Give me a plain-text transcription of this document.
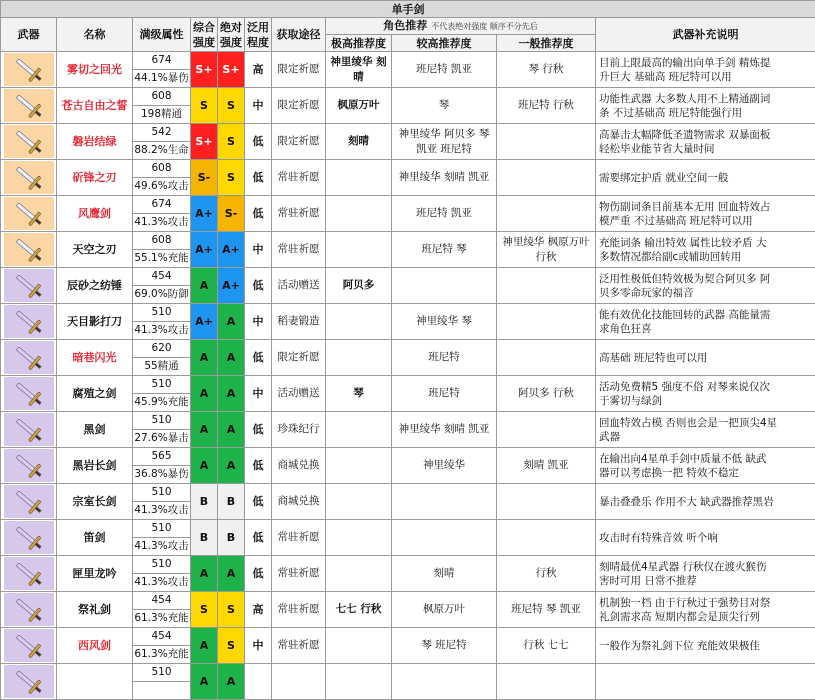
单手剑										
武器	名称	满级属性	综合强度	绝对强度	泛用程度	获取途径	角色推荐 不代表绝对强度 顺序不分先后			武器补充说明
							极高推荐度	较高推荐度	一般推荐度	

	雾切之回光	674	S+	S+	高	限定祈愿	神里绫华 刻晴	班尼特 凯亚	琴 行秋	目前上限最高的输出向单手剑 精炼提
升巨大 基础高 班尼特可以用
		44.1%暴伤								

	苍古自由之誓	608	S	S	中	限定祈愿	枫原万叶	琴	班尼特 行秋	功能性武器 大多数人用不上精通副词
条 不过基础高 班尼特能强行用
		198精通								

	磐岩结绿	542	S+	S	低	限定祈愿	刻晴	神里绫华 阿贝多 琴
凯亚 班尼特		高暴击太幅降低圣遗物需求 双暴面板
轻松毕业能节省大量时间
		88.2%生命								

	斫锋之刃	608	S-	S	低	常驻祈愿		神里绫华 刻晴 凯亚		需要绑定护盾 就业空间一般
		49.6%攻击								

	风鹰剑	674	A+	S-	低	常驻祈愿		班尼特 凯亚		物伤副词条目前基本无用 回血特效占
模严重 不过基础高 班尼特可以用
		41.3%攻击								

	天空之刃	608	A+	A+	中	常驻祈愿		班尼特 琴	神里绫华 枫原万叶
行秋	充能词条 输出特效 属性比较矛盾 大
多数情况都给副c或辅助回转用
		55.1%充能								

	辰砂之纺锤	454	A	A+	低	活动赠送	阿贝多			泛用性极低但特效极为契合阿贝多 阿
贝多零命玩家的福音
		69.0%防御								

	天目影打刀	510	A+	A	中	稻妻锻造		神里绫华 琴		能有效优化技能回转的武器 高能量需
求角色狂喜
		41.3%攻击								

	暗巷闪光	620	A	A	低	限定祈愿		班尼特		高基础 班尼特也可以用
		55精通								

	腐殖之剑	510	A	A	中	活动赠送	琴	班尼特	阿贝多 行秋	活动免费精5 强度不俗 对琴来说仅次
于雾切与绿剑
		45.9%充能								

	黑剑	510	A	A	低	珍珠纪行		神里绫华 刻晴 凯亚		回血特效占模 否则也会是一把顶尖4星
武器
		27.6%暴击								

	黑岩长剑	565	A	A	低	商城兑换		神里绫华	刻晴 凯亚	在输出向4星单手剑中质量不低 缺武
器可以考虑换一把 特效不稳定
		36.8%暴伤								

	宗室长剑	510	B	B	低	商城兑换				暴击叠叠乐 作用不大 缺武器推荐黑岩
		41.3%攻击								

	笛剑	510	B	B	低	常驻祈愿				攻击时有特殊音效 听个响
		41.3%攻击								

	匣里龙吟	510	A	A	低	常驻祈愿		刻晴	行秋	刻晴最优4星武器 行秋仅在渡火猴伤
害时可用 日常不推荐
		41.3%攻击								

	祭礼剑	454	S	S	高	常驻祈愿	七七 行秋	枫原万叶	班尼特 琴 凯亚	机制独一档 由于行秋过于强势目对祭
礼剑需求高 短期内都会是顶尖行列
		61.3%充能								

	西风剑	454	A	S	中	常驻祈愿		琴 班尼特	行秋 七七	一般作为祭礼剑下位 充能效果极佳
		61.3%充能								

		510	A	A						
